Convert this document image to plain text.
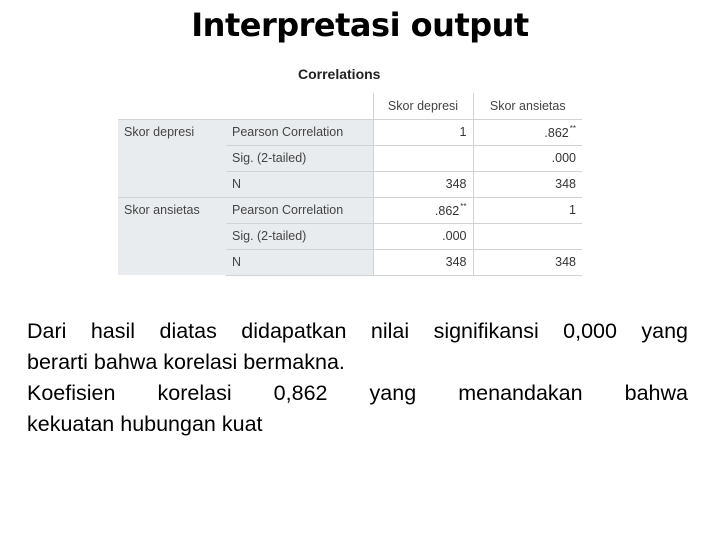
Interpretasi output
Correlations
		Skor depresi	Skor ansietas
Skor depresi	Pearson Correlation	1	.862**
	Sig. (2-tailed)		.000
	N	348	348
Skor ansietas	Pearson Correlation	.862**	1
	Sig. (2-tailed)	.000	
	N	348	348
Dari hasil diatas didapatkan nilai signifikansi 0,000 yang
berarti bahwa korelasi bermakna.
Koefisien korelasi 0,862 yang menandakan bahwa
kekuatan hubungan kuat
